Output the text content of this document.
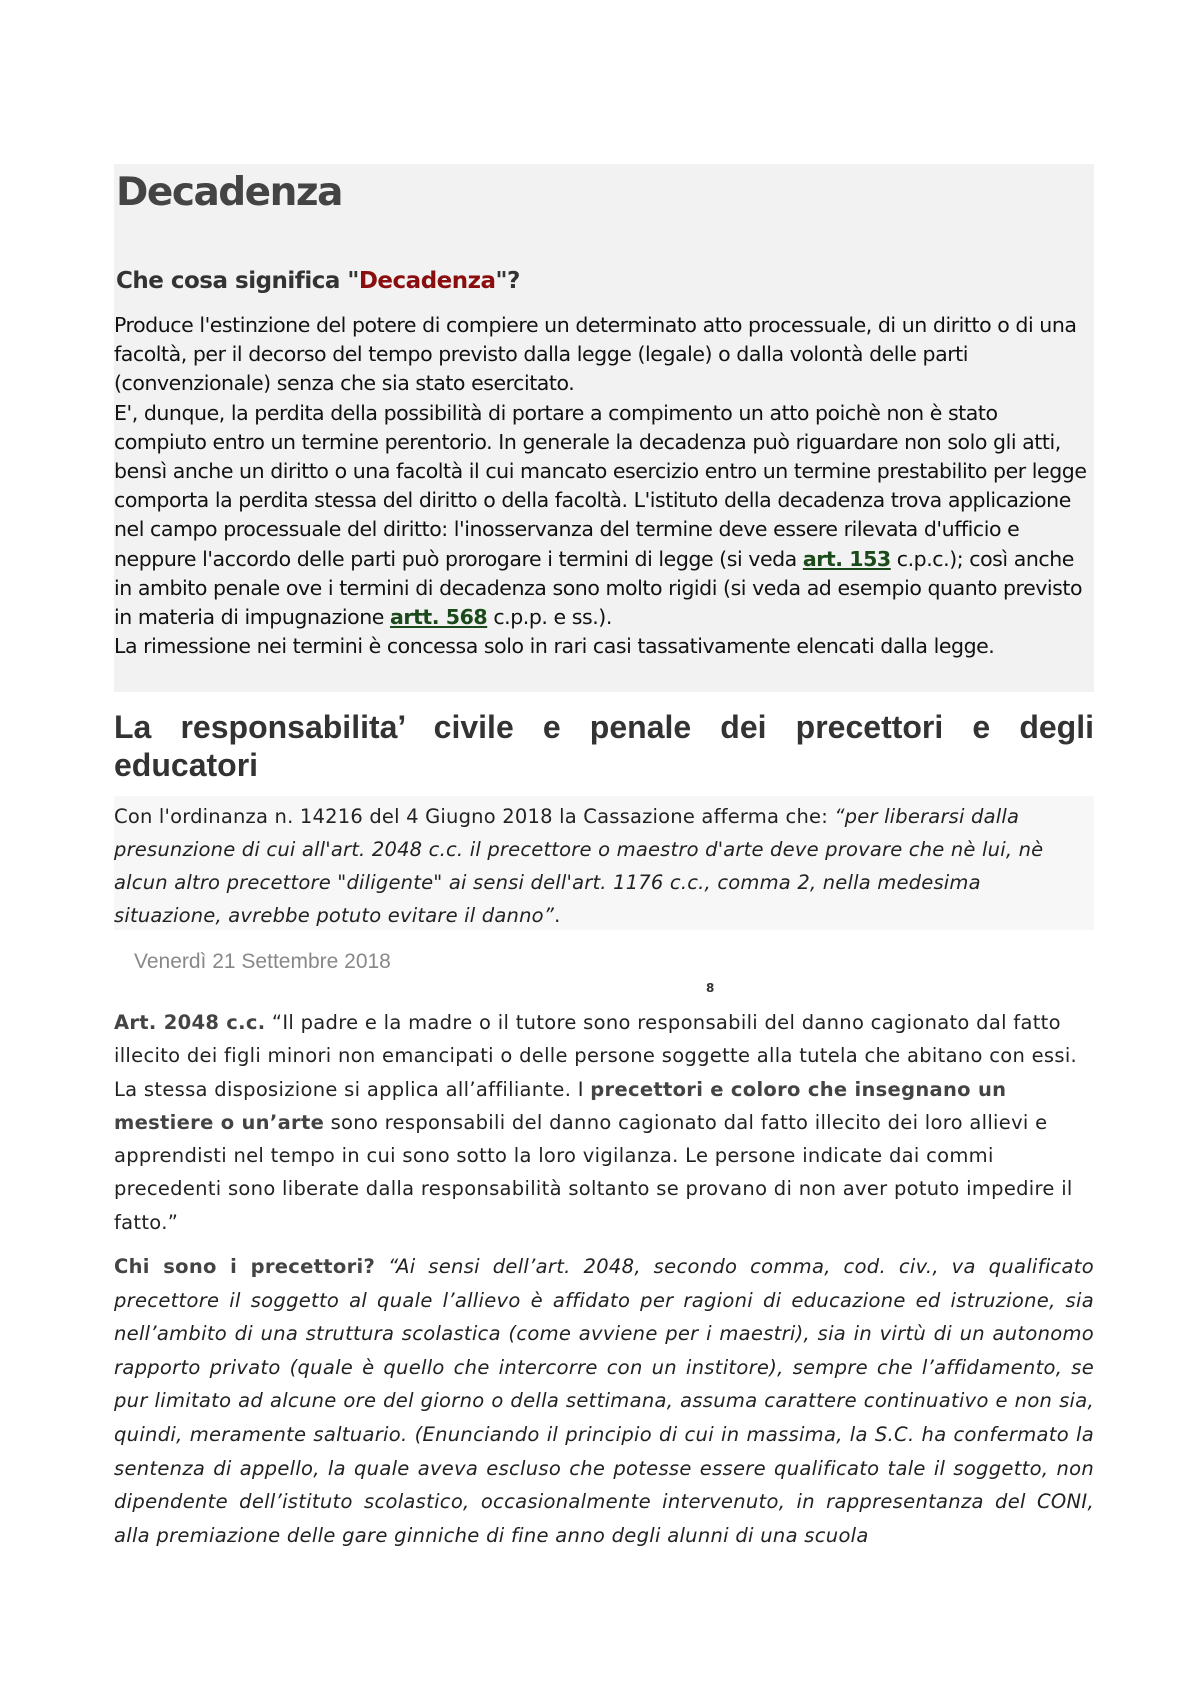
Decadenza
Che cosa significa "Decadenza"?
Produce l'estinzione del potere di compiere un determinato atto processuale, di un diritto o di una facoltà, per il decorso del tempo previsto dalla legge (legale) o dalla volontà delle parti (convenzionale) senza che sia stato esercitato.
E', dunque, la perdita della possibilità di portare a compimento un atto poichè non è stato compiuto entro un termine perentorio. In generale la decadenza può riguardare non solo gli atti, bensì anche un diritto o una facoltà il cui mancato esercizio entro un termine prestabilito per legge comporta la perdita stessa del diritto o della facoltà. L'istituto della decadenza trova applicazione nel campo processuale del diritto: l'inosservanza del termine deve essere rilevata d'ufficio e neppure l'accordo delle parti può prorogare i termini di legge (si veda art. 153 c.p.c.); così anche in ambito penale ove i termini di decadenza sono molto rigidi (si veda ad esempio quanto previsto in materia di impugnazione artt. 568 c.p.p. e ss.).
La rimessione nei termini è concessa solo in rari casi tassativamente elencati dalla legge.
La responsabilita’ civile e penale dei precettori e degli educatori

Con l'ordinanza n. 14216 del 4 Giugno 2018 la Cassazione afferma che: “per liberarsi dalla presunzione di cui all'art. 2048 c.c. il precettore o maestro d'arte deve provare che nè lui, nè alcun altro precettore "diligente" ai sensi dell'art. 1176 c.c., comma 2, nella medesima situazione, avrebbe potuto evitare il danno”.

Venerdì 21 Settembre 2018

8

Art. 2048 c.c. “Il padre e la madre o il tutore sono responsabili del danno cagionato dal fatto illecito dei figli minori non emancipati o delle persone soggette alla tutela che abitano con essi. La stessa disposizione si applica all’affiliante. I precettori e coloro che insegnano un mestiere o un’arte sono responsabili del danno cagionato dal fatto illecito dei loro allievi e apprendisti nel tempo in cui sono sotto la loro vigilanza. Le persone indicate dai commi precedenti sono liberate dalla responsabilità soltanto se provano di non aver potuto impedire il fatto.”

Chi sono i precettori? “Ai sensi dell’art. 2048, secondo comma, cod. civ., va qualificato precettore il soggetto al quale l’allievo è affidato per ragioni di educazione ed istruzione, sia nell’ambito di una struttura scolastica (come avviene per i maestri), sia in virtù di un autonomo rapporto privato (quale è quello che intercorre con un institore), sempre che l’affidamento, se pur limitato ad alcune ore del giorno o della settimana, assuma carattere continuativo e non sia, quindi, meramente saltuario. (Enunciando il principio di cui in massima, la S.C. ha confermato la sentenza di appello, la quale aveva escluso che potesse essere qualificato tale il soggetto, non dipendente dell’istituto scolastico, occasionalmente intervenuto, in rappresentanza del CONI, alla premiazione delle gare ginniche di fine anno degli alunni di una scuola
